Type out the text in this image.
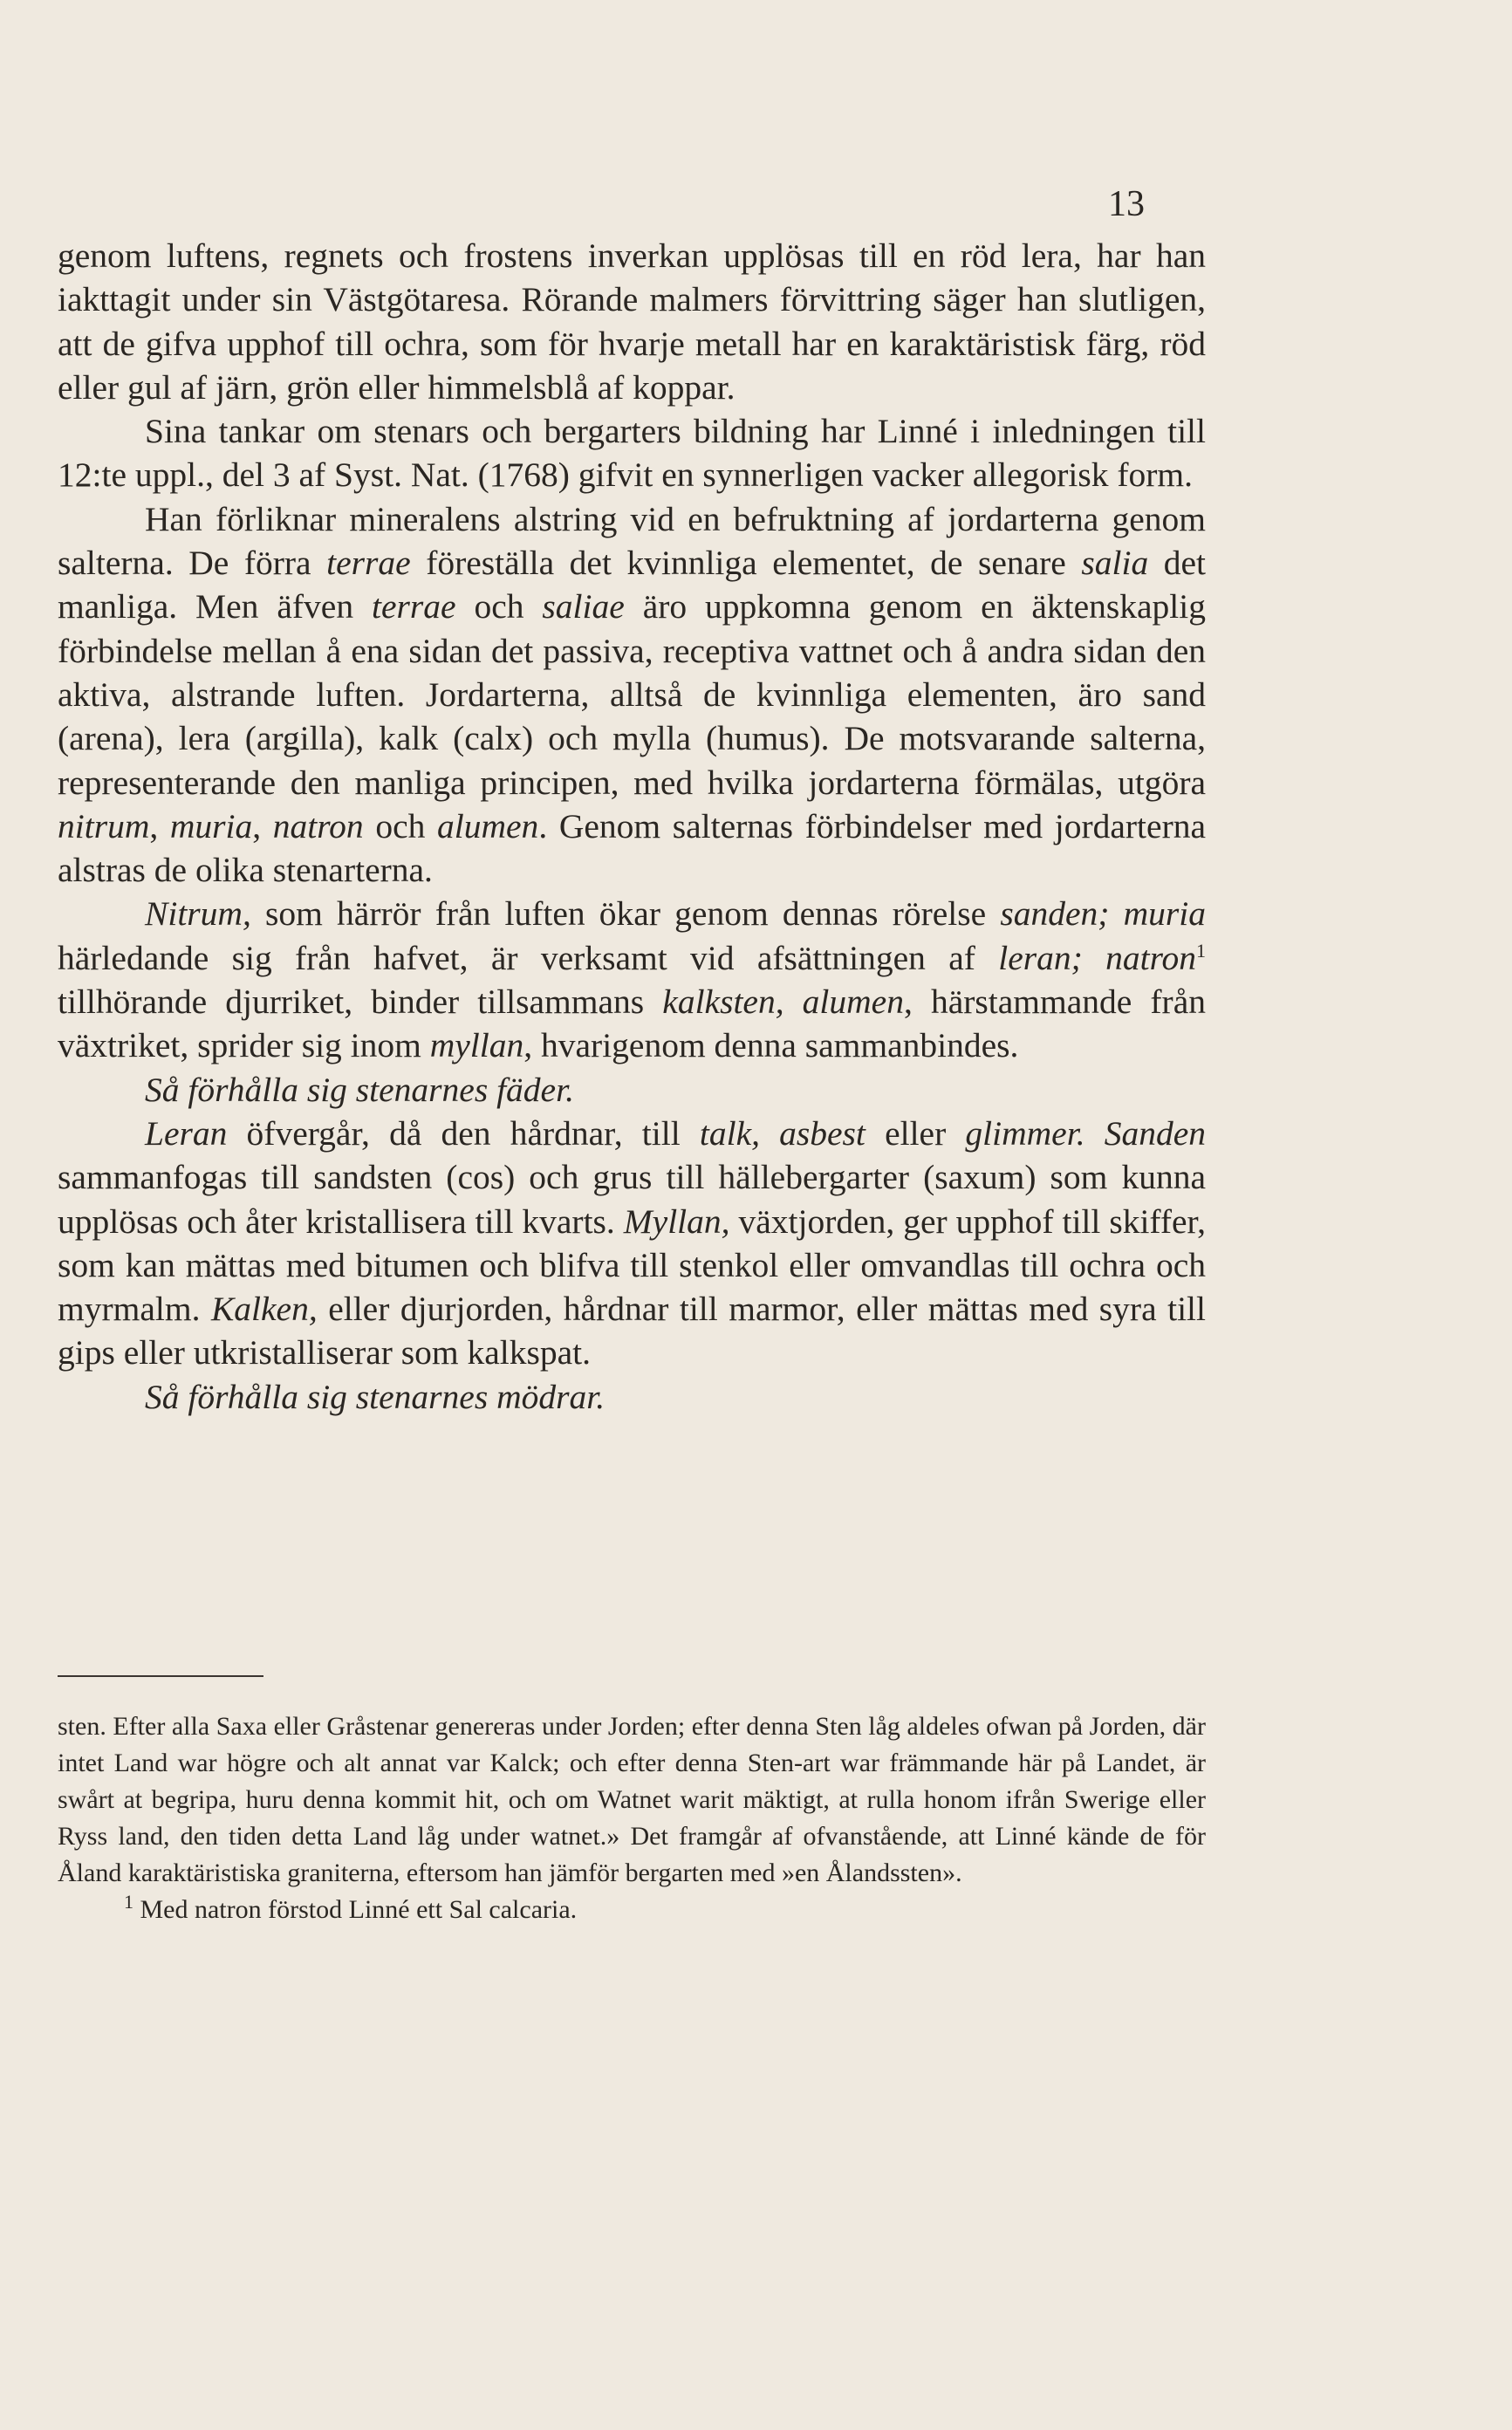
13

genom luftens, regnets och frostens inverkan upplösas till en röd lera, har han iakttagit under sin Västgötaresa. Rörande malmers förvittring säger han slutligen, att de gifva upphof till ochra, som för hvarje metall har en karaktäristisk färg, röd eller gul af järn, grön eller himmelsblå af koppar.

Sina tankar om stenars och bergarters bildning har Linné i inledningen till 12:te uppl., del 3 af Syst. Nat. (1768) gifvit en synnerligen vacker allegorisk form.

Han förliknar mineralens alstring vid en befruktning af jordarterna genom salterna. De förra terrae föreställa det kvinnliga elementet, de senare salia det manliga. Men äfven terrae och saliae äro uppkomna genom en äktenskaplig förbindelse mellan å ena sidan det passiva, receptiva vattnet och å andra sidan den aktiva, alstrande luften. Jordarterna, alltså de kvinnliga elementen, äro sand (arena), lera (argilla), kalk (calx) och mylla (humus). De motsvarande salterna, representerande den manliga principen, med hvilka jordarterna förmälas, utgöra nitrum, muria, natron och alumen. Genom salternas förbindelser med jordarterna alstras de olika stenarterna.

Nitrum, som härrör från luften ökar genom dennas rörelse sanden; muria härledande sig från hafvet, är verksamt vid afsättningen af leran; natron$^1$ tillhörande djurriket, binder tillsammans kalksten, alumen, härstammande från växtriket, sprider sig inom myllan, hvarigenom denna sammanbindes.

Så förhålla sig stenarnes fäder.

Leran öfvergår, då den hårdnar, till talk, asbest eller glimmer. Sanden sammanfogas till sandsten (cos) och grus till hällebergarter (saxum) som kunna upplösas och åter kristallisera till kvarts. Myllan, växtjorden, ger upphof till skiffer, som kan mättas med bitumen och blifva till stenkol eller omvandlas till ochra och myrmalm. Kalken, eller djurjorden, hårdnar till marmor, eller mättas med syra till gips eller utkristalliserar som kalkspat.

Så förhålla sig stenarnes mödrar.

sten. Efter alla Saxa eller Gråstenar genereras under Jorden; efter denna Sten låg aldeles ofwan på Jorden, där intet Land war högre och alt annat var Kalck; och efter denna Sten-art war främmande här på Landet, är swårt at begripa, huru denna kommit hit, och om Watnet warit mäktigt, at rulla honom ifrån Swerige eller Ryss land, den tiden detta Land låg under watnet.» Det framgår af ofvanstående, att Linné kände de för Åland karaktäristiska graniterna, eftersom han jämför bergarten med »en Ålandssten».

$^1$ Med natron förstod Linné ett Sal calcaria.
